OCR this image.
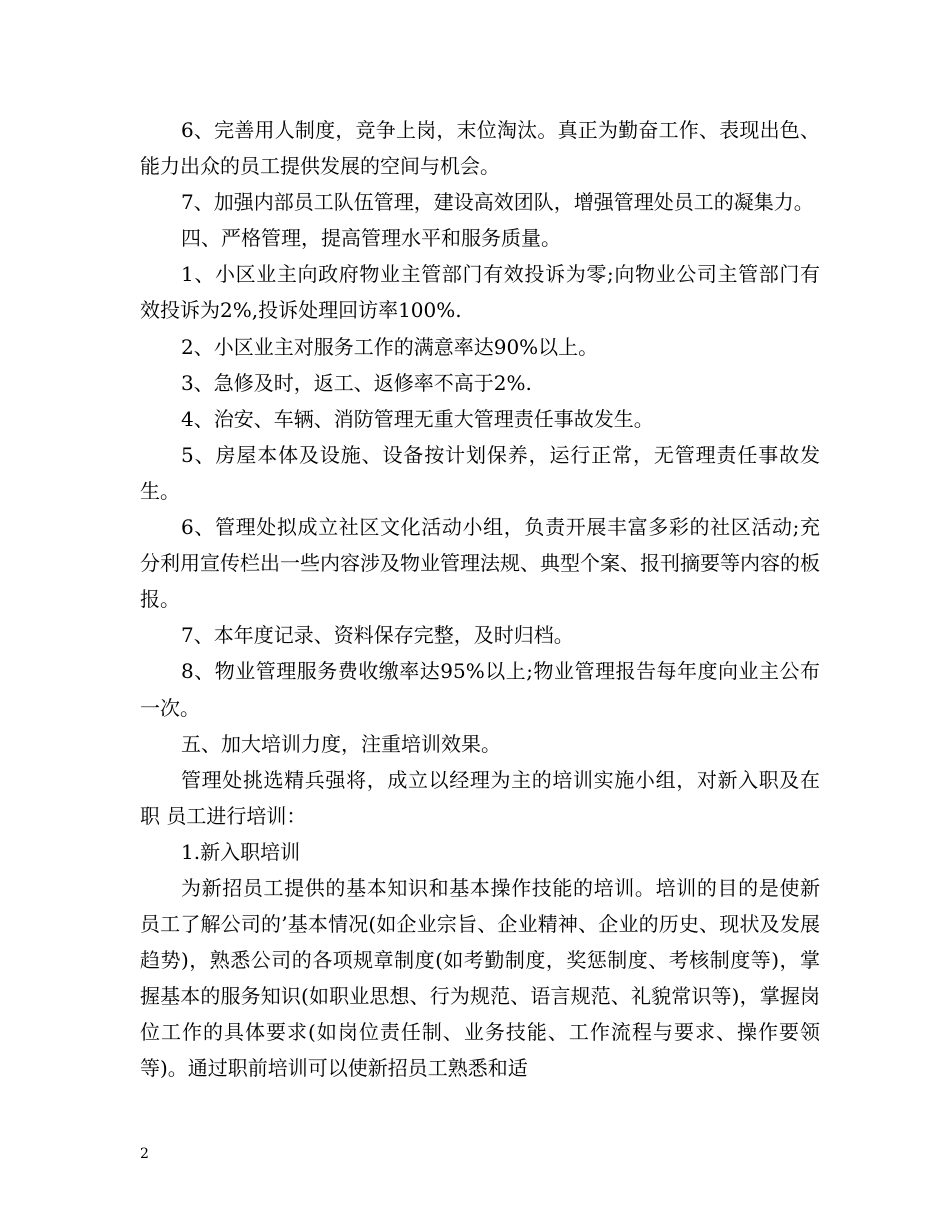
6、完善用人制度，竞争上岗，末位淘汰。真正为勤奋工作、表现出色、能力出众的员工提供发展的空间与机会。

7、加强内部员工队伍管理，建设高效团队，增强管理处员工的凝集力。

四、严格管理，提高管理水平和服务质量。

1、小区业主向政府物业主管部门有效投诉为零;向物业公司主管部门有效投诉为2%,投诉处理回访率100%.

2、小区业主对服务工作的满意率达90%以上。

3、急修及时，返工、返修率不高于2%.

4、治安、车辆、消防管理无重大管理责任事故发生。

5、房屋本体及设施、设备按计划保养，运行正常，无管理责任事故发生。

6、管理处拟成立社区文化活动小组，负责开展丰富多彩的社区活动;充分利用宣传栏出一些内容涉及物业管理法规、典型个案、报刊摘要等内容的板报。

7、本年度记录、资料保存完整，及时归档。

8、物业管理服务费收缴率达95%以上;物业管理报告每年度向业主公布一次。

五、加大培训力度，注重培训效果。

管理处挑选精兵强将，成立以经理为主的培训实施小组，对新入职及在职 员工进行培训：

1.新入职培训

为新招员工提供的基本知识和基本操作技能的培训。培训的目的是使新员工了解公司的’基本情况(如企业宗旨、企业精神、企业的历史、现状及发展趋势)，熟悉公司的各项规章制度(如考勤制度，奖惩制度、考核制度等)，掌握基本的服务知识(如职业思想、行为规范、语言规范、礼貌常识等)，掌握岗位工作的具体要求(如岗位责任制、业务技能、工作流程与要求、操作要领等)。通过职前培训可以使新招员工熟悉和适

2
